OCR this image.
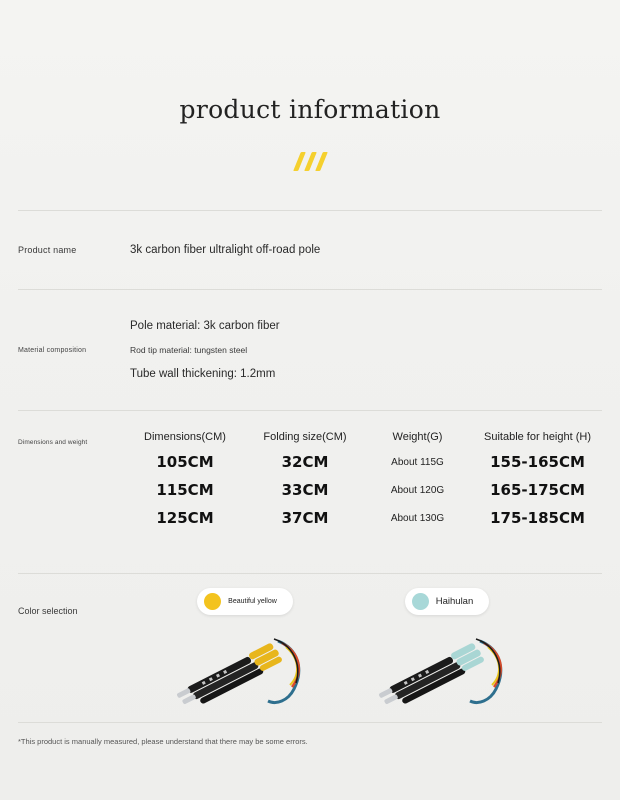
product information
Product name	3k carbon fiber ultralight off-road pole
Material composition
Pole material: 3k carbon fiber
Rod tip material: tungsten steel
Tube wall thickening: 1.2mm
Dimensions and weight	Dimensions(CM)	Folding size(CM)	Weight(G)	Suitable for height (H)
105CM	32CM	About 115G	155-165CM
115CM	33CM	About 120G	165-175CM
125CM	37CM	About 130G	175-185CM
Color selection
Beautiful yellow	Haihulan
*This product is manually measured, please understand that there may be some errors.
